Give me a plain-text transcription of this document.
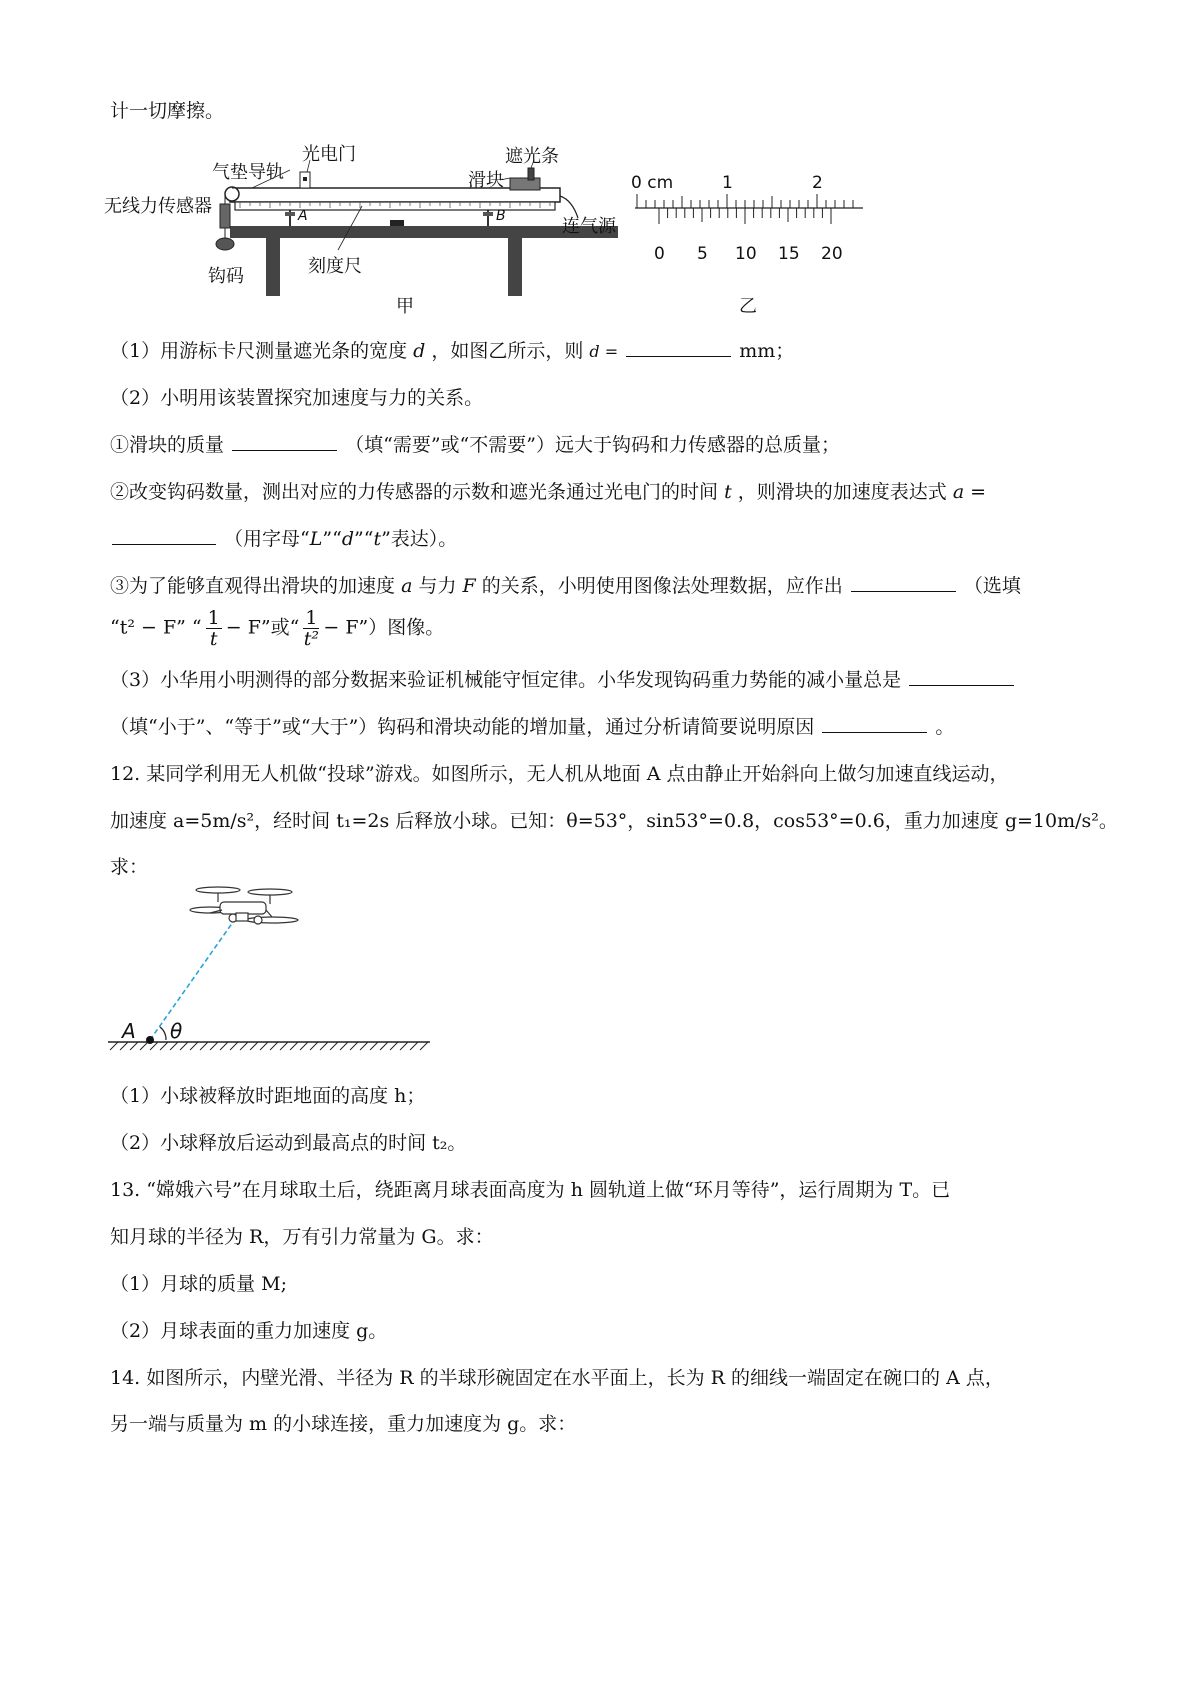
计一切摩擦。
气垫导轨
光电门	遮光条
滑块
无线力传感器
钩码	刻度尺
连气源
A	B
甲
0 cm	1	2
0 5 10 15 20
乙
（1）用游标卡尺测量遮光条的宽度 d ，如图乙所示，则 d =	mm；
（2）小明用该装置探究加速度与力的关系。
①滑块的质量	（填“需要”或“不需要”）远大于钩码和力传感器的总质量；
②改变钩码数量，测出对应的力传感器的示数和遮光条通过光电门的时间 t ，则滑块的加速度表达式 a =
（用字母“L”“d”“t”表达）。
③为了能够直观得出滑块的加速度 a 与力 F 的关系，小明使用图像法处理数据，应作出	（选填
“t² − F” “ $\frac{1}{t} - F$”或“ $\frac{1}{\text{t²}}$ − F”）图像。
（3）小华用小明测得的部分数据来验证机械能守恒定律。小华发现钩码重力势能的减小量总是
（填“小于”、“等于”或“大于”）钩码和滑块动能的增加量，通过分析请简要说明原因	。
12. 某同学利用无人机做“投球”游戏。如图所示，无人机从地面 A 点由静止开始斜向上做匀加速直线运动，
加速度 a=5m/s²，经时间 t₁=2s 后释放小球。已知：θ=53°，sin53°=0.8，cos53°=0.6，重力加速度 g=10m/s²。
求：
A θ
（1）小球被释放时距地面的高度 h；
（2）小球释放后运动到最高点的时间 t₂。
13. “嫦娥六号”在月球取土后，绕距离月球表面高度为 h 圆轨道上做“环月等待”，运行周期为 T。已
知月球的半径为 R，万有引力常量为 G。求：
（1）月球的质量 M;
（2）月球表面的重力加速度 g。
14. 如图所示，内壁光滑、半径为 R 的半球形碗固定在水平面上，长为 R 的细线一端固定在碗口的 A 点，
另一端与质量为 m 的小球连接，重力加速度为 g。求：
